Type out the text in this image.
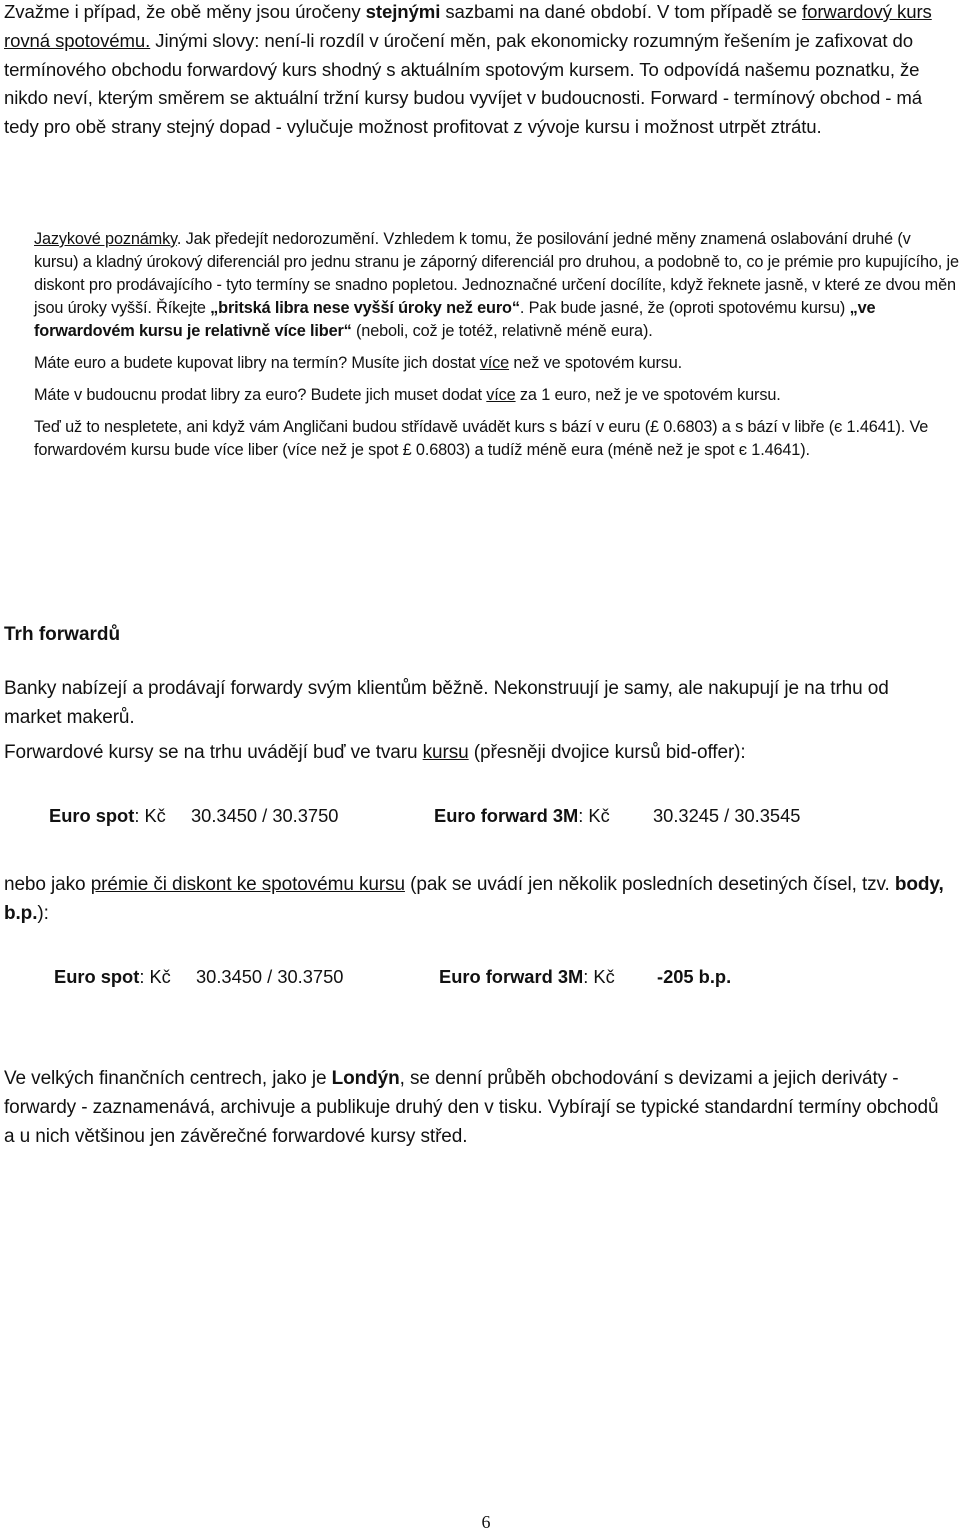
Zvažme i případ, že obě měny jsou úročeny stejnými sazbami na dané období. V tom případě se forwardový kurs rovná spotovému. Jinými slovy: není-li rozdíl v úročení měn, pak ekonomicky rozumným řešením je zafixovat do termínového obchodu forwardový kurs shodný s aktuálním spotovým kursem. To odpovídá našemu poznatku, že nikdo neví, kterým směrem se aktuální tržní kursy budou vyvíjet v budoucnosti. Forward - termínový obchod - má tedy pro obě strany stejný dopad - vylučuje možnost profitovat z vývoje kursu i možnost utrpět ztrátu.

Jazykové poznámky. Jak předejít nedorozumění. Vzhledem k tomu, že posilování jedné měny znamená oslabování druhé (v kursu) a kladný úrokový diferenciál pro jednu stranu je záporný diferenciál pro druhou, a podobně to, co je prémie pro kupujícího, je diskont pro prodávajícího - tyto termíny se snadno popletou. Jednoznačné určení docílíte, když řeknete jasně, v které ze dvou měn jsou úroky vyšší. Říkejte „britská libra nese vyšší úroky než euro“. Pak bude jasné, že (oproti spotovému kursu) „ve forwardovém kursu je relativně více liber“ (neboli, což je totéž, relativně méně eura).

Máte euro a budete kupovat libry na termín? Musíte jich dostat více než ve spotovém kursu.

Máte v budoucnu prodat libry za euro? Budete jich muset dodat více za 1 euro, než je ve spotovém kursu.

Teď už to nespletete, ani když vám Angličani budou střídavě uvádět kurs s bází v euru (£ 0.6803) a s bází v libře (є 1.4641). Ve forwardovém kursu bude více liber (více než je spot £ 0.6803) a tudíž méně eura (méně než je spot є 1.4641).

Trh forwardů

Banky nabízejí a prodávají forwardy svým klientům běžně. Nekonstruují je samy, ale nakupují je na trhu od market makerů.

Forwardové kursy se na trhu uvádějí buď ve tvaru kursu (přesněji dvojice kursů bid-offer):

Euro spot: Kč 30.3450 / 30.3750	Euro forward 3M: Kč 30.3245 / 30.3545

nebo jako prémie či diskont ke spotovému kursu (pak se uvádí jen několik posledních desetiných čísel, tzv. body, b.p.):

Euro spot: Kč 30.3450 / 30.3750	Euro forward 3M: Kč -205 b.p.

Ve velkých finančních centrech, jako je Londýn, se denní průběh obchodování s devizami a jejich deriváty - forwardy - zaznamenává, archivuje a publikuje druhý den v tisku. Vybírají se typické standardní termíny obchodů a u nich většinou jen závěrečné forwardové kursy střed.

6
